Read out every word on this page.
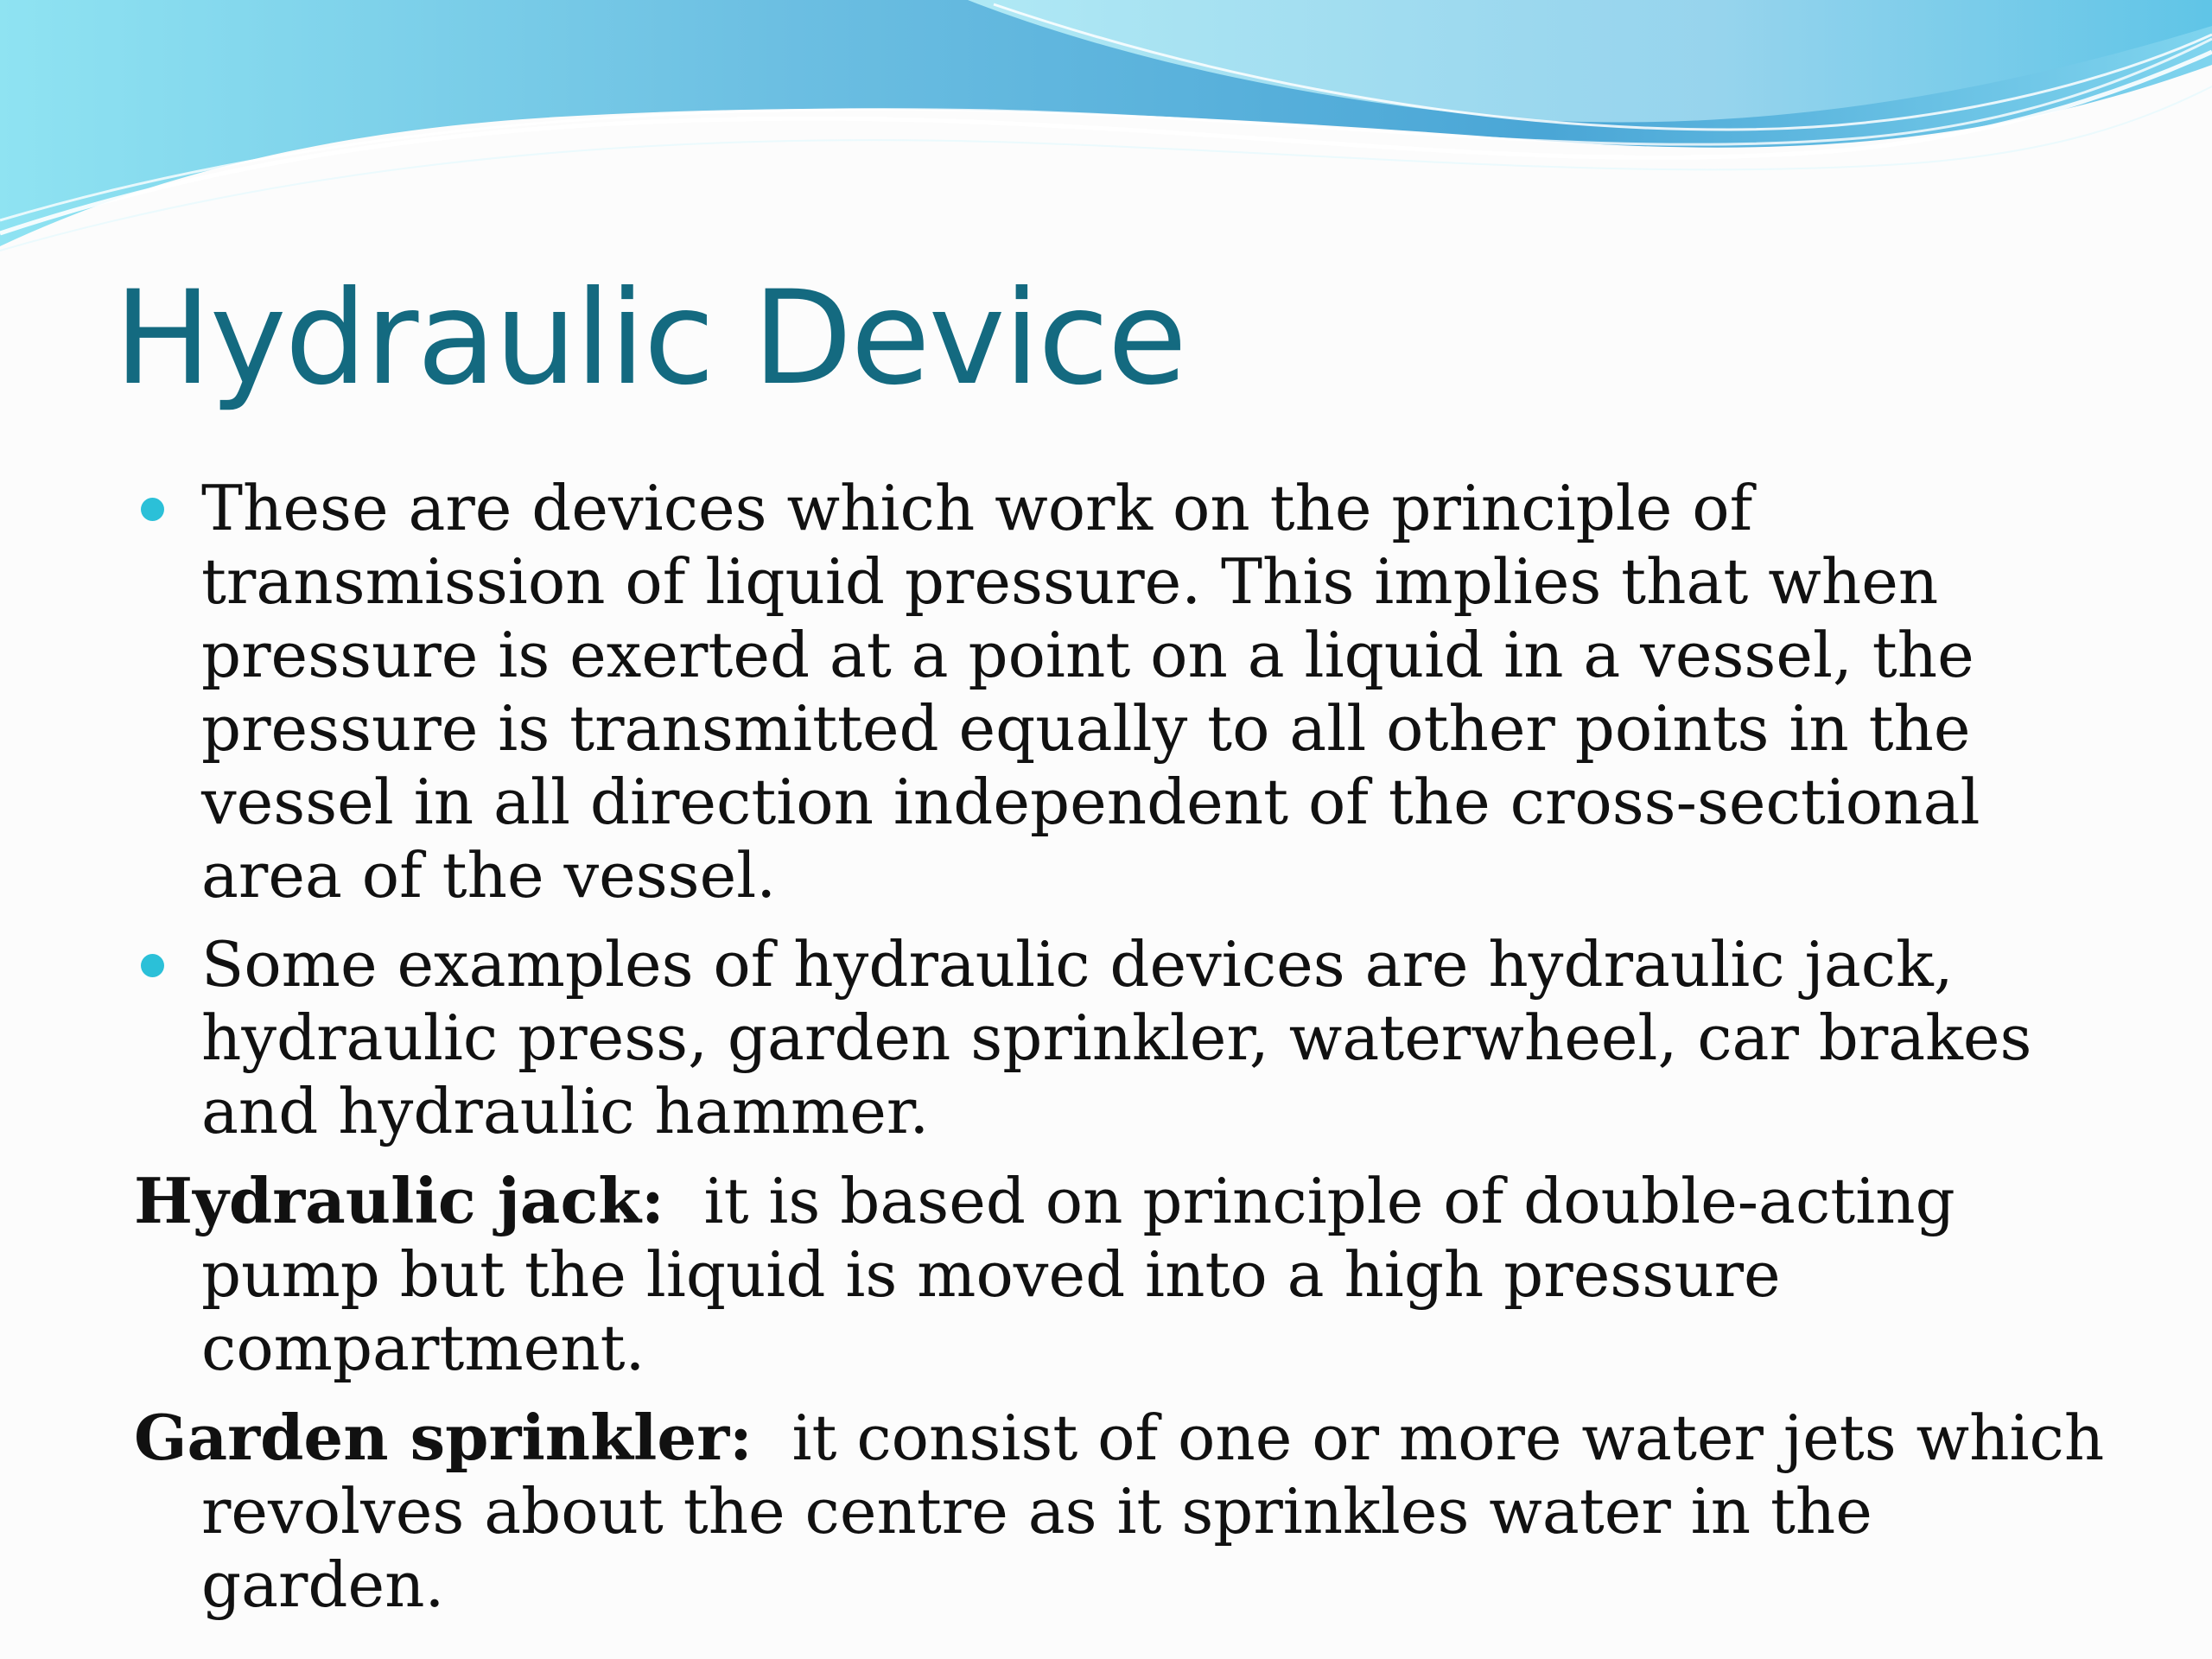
Hydraulic Device
These are devices which work on the principle of transmission of liquid pressure. This implies that when pressure is exerted at a point on a liquid in a vessel, the pressure is transmitted equally to all other points in the vessel in all direction independent of the cross-sectional area of the vessel.
Some examples of hydraulic devices are hydraulic jack, hydraulic press, garden sprinkler, waterwheel, car brakes and hydraulic hammer.
Hydraulic jack: it is based on principle of double-acting pump but the liquid is moved into a high pressure compartment.
Garden sprinkler: it consist of one or more water jets which revolves about the centre as it sprinkles water in the garden.
